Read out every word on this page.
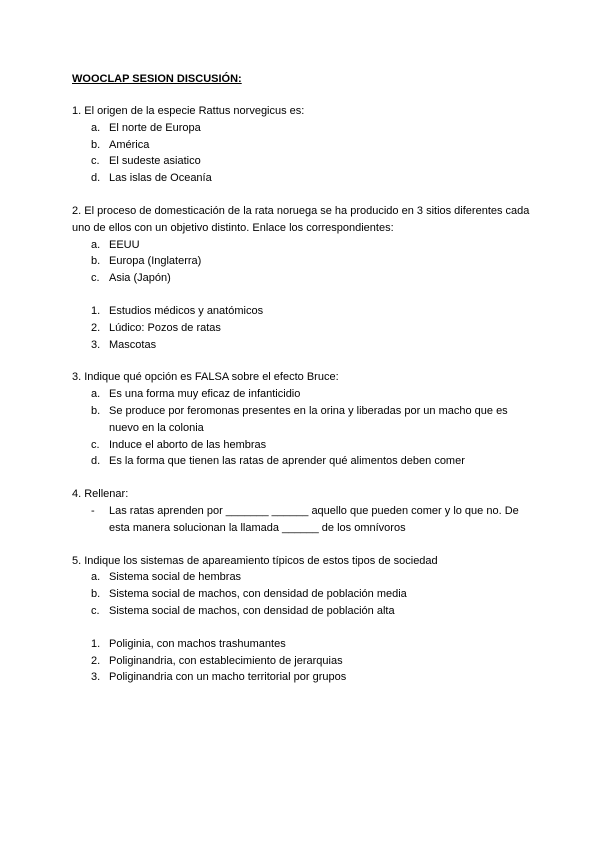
WOOCLAP SESION DISCUSIÓN:

1. El origen de la especie Rattus norvegicus es:

a. El norte de Europa
b. América
c. El sudeste asiatico
d. Las islas de Oceanía

2. El proceso de domesticación de la rata noruega se ha producido en 3 sitios diferentes cada uno de ellos con un objetivo distinto. Enlace los correspondientes:

a. EEUU
b. Europa (Inglaterra)
c. Asia (Japón)
1. Estudios médicos y anatómicos
2. Lúdico: Pozos de ratas
3. Mascotas

3. Indique qué opción es FALSA sobre el efecto Bruce:

a. Es una forma muy eficaz de infanticidio
b. Se produce por feromonas presentes en la orina y liberadas por un macho que es nuevo en la colonia
c. Induce el aborto de las hembras
d. Es la forma que tienen las ratas de aprender qué alimentos deben comer

4. Rellenar:

- Las ratas aprenden por _______ ______ aquello que pueden comer y lo que no. De esta manera solucionan la llamada ______ de los omnívoros

5. Indique los sistemas de apareamiento típicos de estos tipos de sociedad

a. Sistema social de hembras
b. Sistema social de machos, con densidad de población media
c. Sistema social de machos, con densidad de población alta
1. Poliginia, con machos trashumantes
2. Poliginandria, con establecimiento de jerarquias
3. Poliginandria con un macho territorial por grupos
